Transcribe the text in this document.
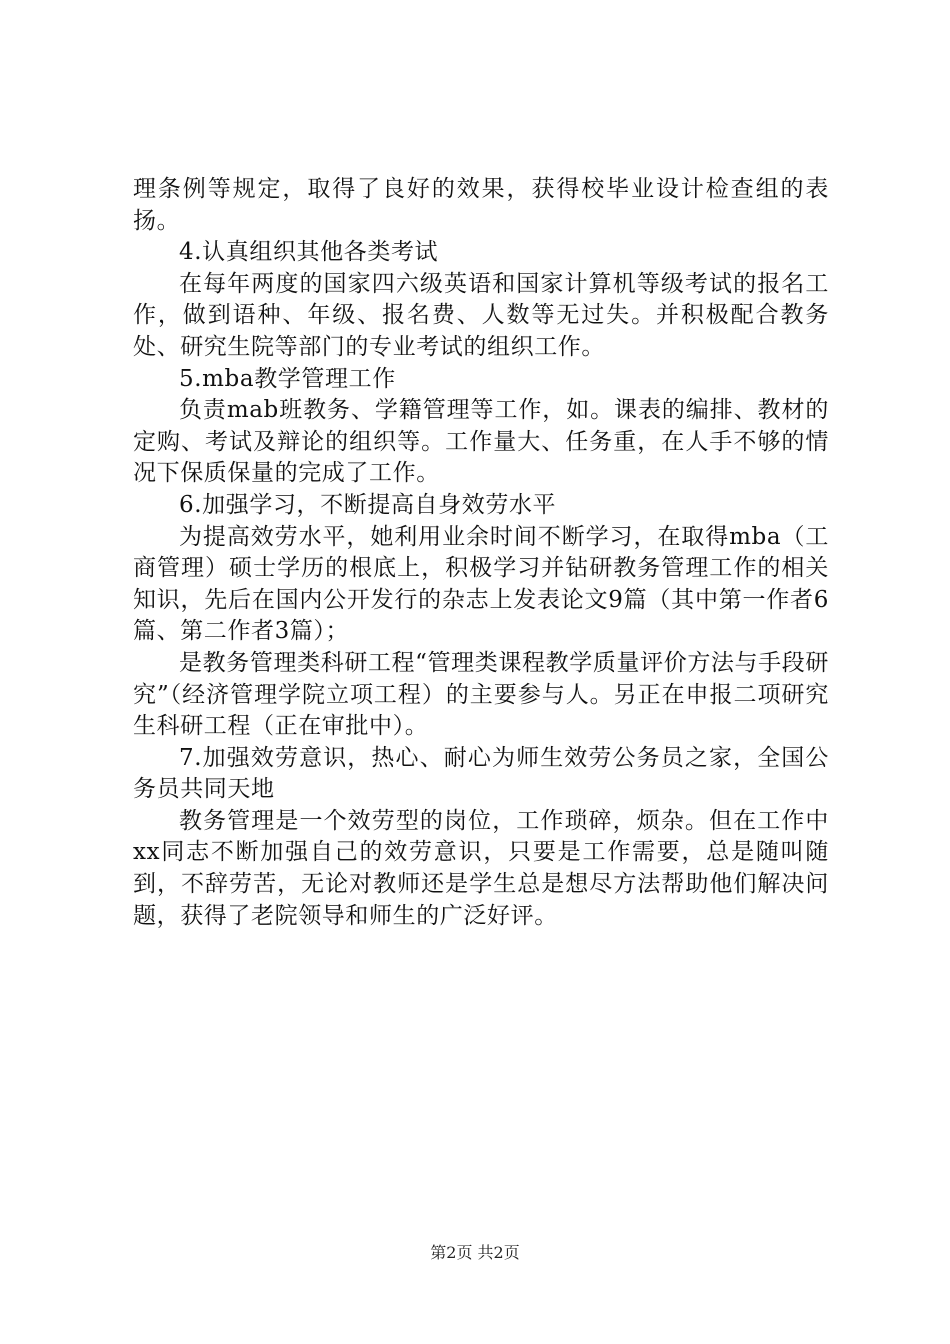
理条例等规定，取得了良好的效果，获得校毕业设计检查组的表扬。

4.认真组织其他各类考试

在每年两度的国家四六级英语和国家计算机等级考试的报名工作，做到语种、年级、报名费、人数等无过失。并积极配合教务处、研究生院等部门的专业考试的组织工作。

5.mba教学管理工作

负责mab班教务、学籍管理等工作，如。课表的编排、教材的定购、考试及辩论的组织等。工作量大、任务重，在人手不够的情况下保质保量的完成了工作。

6.加强学习，不断提高自身效劳水平

为提高效劳水平，她利用业余时间不断学习，在取得mba（工商管理）硕士学历的根底上，积极学习并钻研教务管理工作的相关知识，先后在国内公开发行的杂志上发表论文9篇（其中第一作者6篇、第二作者3篇）；

是教务管理类科研工程“管理类课程教学质量评价方法与手段研究”（经济管理学院立项工程）的主要参与人。另正在申报二项研究生科研工程（正在审批中）。

7.加强效劳意识，热心、耐心为师生效劳公务员之家，全国公务员共同天地

教务管理是一个效劳型的岗位，工作琐碎，烦杂。但在工作中xx同志不断加强自己的效劳意识，只要是工作需要，总是随叫随到，不辞劳苦，无论对教师还是学生总是想尽方法帮助他们解决问题，获得了老院领导和师生的广泛好评。

第2页 共2页
